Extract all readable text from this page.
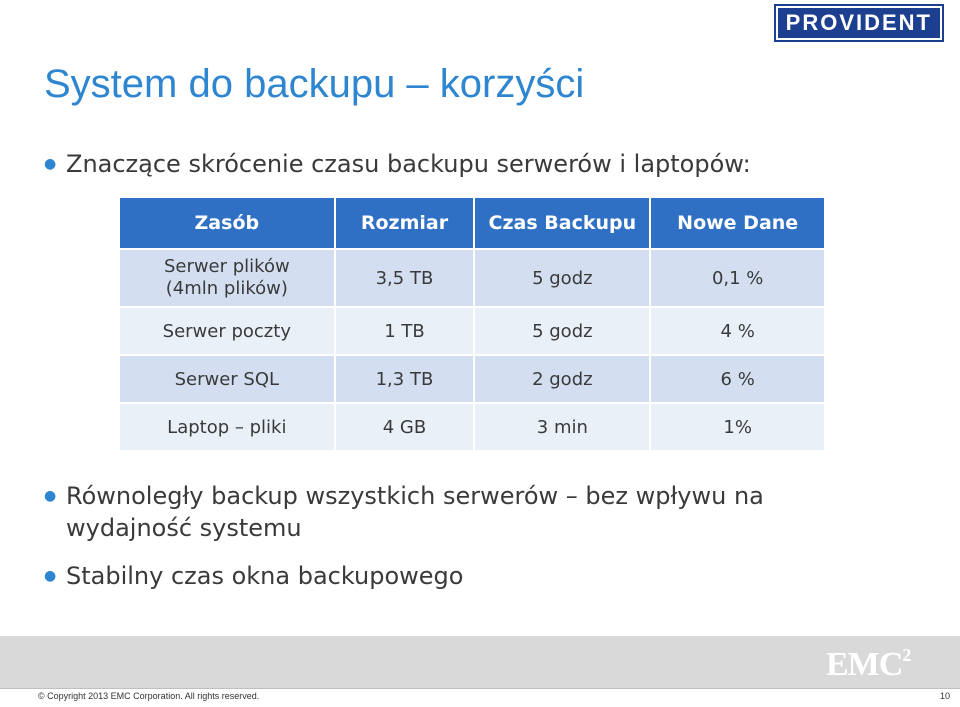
PROVIDENT
System do backupu – korzyści
● Znaczące skrócenie czasu backupu serwerów i laptopów:
Zasób	Rozmiar	Czas Backupu	Nowe Dane
Serwer plików (4mln plików)	3,5 TB	5 godz	0,1 %
Serwer poczty	1 TB	5 godz	4 %
Serwer SQL	1,3 TB	2 godz	6 %
Laptop – pliki	4 GB	3 min	1%
● Równoległy backup wszystkich serwerów – bez wpływu na wydajność systemu
● Stabilny czas okna backupowego
EMC$^2$
© Copyright 2013 EMC Corporation. All rights reserved.	10
